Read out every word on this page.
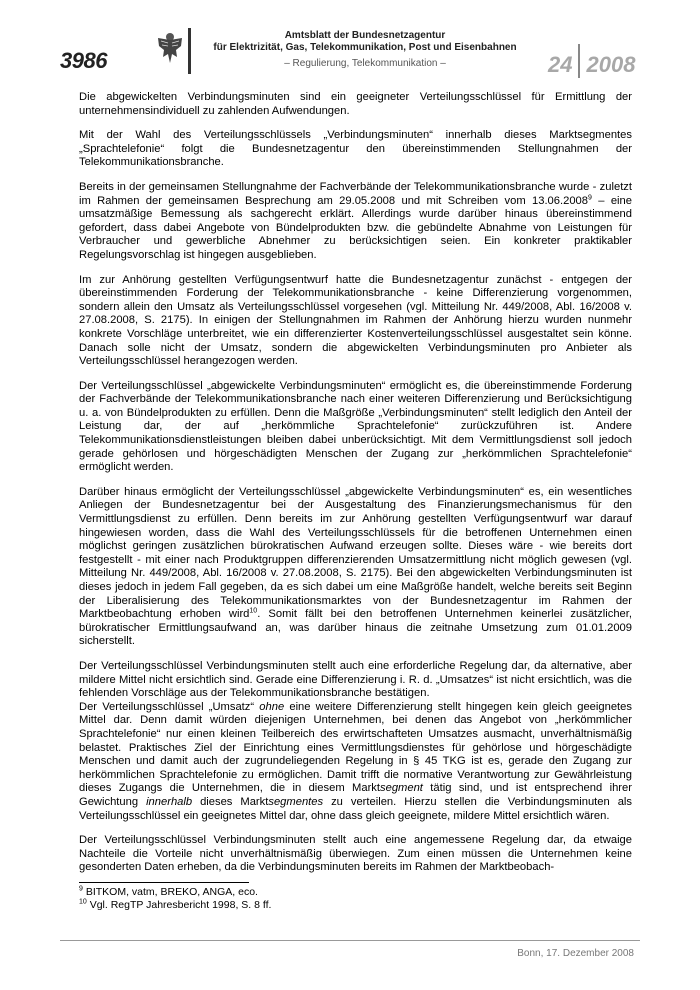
3986
Amtsblatt der Bundesnetzagentur
für Elektrizität, Gas, Telekommunikation, Post und Eisenbahnen
– Regulierung, Telekommunikation –	24 2008

Die abgewickelten Verbindungsminuten sind ein geeigneter Verteilungsschlüssel für Ermittlung der unternehmensindividuell zu zahlenden Aufwendungen.

Mit der Wahl des Verteilungsschlüssels „Verbindungsminuten“ innerhalb dieses Marktsegmentes „Sprachtelefonie“ folgt die Bundesnetzagentur den übereinstimmenden Stellungnahmen der Telekommunikationsbranche.

Bereits in der gemeinsamen Stellungnahme der Fachverbände der Telekommunikationsbranche wurde - zuletzt im Rahmen der gemeinsamen Besprechung am 29.05.2008 und mit Schreiben vom 13.06.2008$^9$ – eine umsatzmäßige Bemessung als sachgerecht erklärt. Allerdings wurde darüber hinaus übereinstimmend gefordert, dass dabei Angebote von Bündelprodukten bzw. die gebündelte Abnahme von Leistungen für Verbraucher und gewerbliche Abnehmer zu berücksichtigen seien. Ein konkreter praktikabler Regelungsvorschlag ist hingegen ausgeblieben.

Im zur Anhörung gestellten Verfügungsentwurf hatte die Bundesnetzagentur zunächst - entgegen der übereinstimmenden Forderung der Telekommunikationsbranche - keine Differenzierung vorgenommen, sondern allein den Umsatz als Verteilungsschlüssel vorgesehen (vgl. Mitteilung Nr. 449/2008, Abl. 16/2008 v. 27.08.2008, S. 2175). In einigen der Stellungnahmen im Rahmen der Anhörung hierzu wurden nunmehr konkrete Vorschläge unterbreitet, wie ein differenzierter Kostenverteilungsschlüssel ausgestaltet sein könne. Danach solle nicht der Umsatz, sondern die abgewickelten Verbindungsminuten pro Anbieter als Verteilungsschlüssel herangezogen werden.

Der Verteilungsschlüssel „abgewickelte Verbindungsminuten“ ermöglicht es, die übereinstimmende Forderung der Fachverbände der Telekommunikationsbranche nach einer weiteren Differenzierung und Berücksichtigung u. a. von Bündelprodukten zu erfüllen. Denn die Maßgröße „Verbindungsminuten“ stellt lediglich den Anteil der Leistung dar, der auf „herkömmliche Sprachtelefonie“ zurückzuführen ist. Andere Telekommunikationsdienstleistungen bleiben dabei unberücksichtigt. Mit dem Vermittlungsdienst soll jedoch gerade gehörlosen und hörgeschädigten Menschen der Zugang zur „herkömmlichen Sprachtelefonie“ ermöglicht werden.

Darüber hinaus ermöglicht der Verteilungsschlüssel „abgewickelte Verbindungsminuten“ es, ein wesentliches Anliegen der Bundesnetzagentur bei der Ausgestaltung des Finanzierungsmechanismus für den Vermittlungsdienst zu erfüllen. Denn bereits im zur Anhörung gestellten Verfügungsentwurf war darauf hingewiesen worden, dass die Wahl des Verteilungsschlüssels für die betroffenen Unternehmen einen möglichst geringen zusätzlichen bürokratischen Aufwand erzeugen sollte. Dieses wäre - wie bereits dort festgestellt - mit einer nach Produktgruppen differenzierenden Umsatzermittlung nicht möglich gewesen (vgl. Mitteilung Nr. 449/2008, Abl. 16/2008 v. 27.08.2008, S. 2175). Bei den abgewickelten Verbindungsminuten ist dieses jedoch in jedem Fall gegeben, da es sich dabei um eine Maßgröße handelt, welche bereits seit Beginn der Liberalisierung des Telekommunikationsmarktes von der Bundesnetzagentur im Rahmen der Marktbeobachtung erhoben wird$^{10}$. Somit fällt bei den betroffenen Unternehmen keinerlei zusätzlicher, bürokratischer Ermittlungsaufwand an, was darüber hinaus die zeitnahe Umsetzung zum 01.01.2009 sicherstellt.

Der Verteilungsschlüssel Verbindungsminuten stellt auch eine erforderliche Regelung dar, da alternative, aber mildere Mittel nicht ersichtlich sind. Gerade eine Differenzierung i. R. d. „Umsatzes“ ist nicht ersichtlich, was die fehlenden Vorschläge aus der Telekommunikationsbranche bestätigen.

Der Verteilungsschlüssel „Umsatz“ ohne eine weitere Differenzierung stellt hingegen kein gleich geeignetes Mittel dar. Denn damit würden diejenigen Unternehmen, bei denen das Angebot von „herkömmlicher Sprachtelefonie“ nur einen kleinen Teilbereich des erwirtschafteten Umsatzes ausmacht, unverhältnismäßig belastet. Praktisches Ziel der Einrichtung eines Vermittlungsdienstes für gehörlose und hörgeschädigte Menschen und damit auch der zugrundeliegenden Regelung in § 45 TKG ist es, gerade den Zugang zur herkömmlichen Sprachtelefonie zu ermöglichen. Damit trifft die normative Verantwortung zur Gewährleistung dieses Zugangs die Unternehmen, die in diesem Marktsegment tätig sind, und ist entsprechend ihrer Gewichtung innerhalb dieses Marktsegmentes zu verteilen. Hierzu stellen die Verbindungsminuten als Verteilungsschlüssel ein geeignetes Mittel dar, ohne dass gleich geeignete, mildere Mittel ersichtlich wären.

Der Verteilungsschlüssel Verbindungsminuten stellt auch eine angemessene Regelung dar, da etwaige Nachteile die Vorteile nicht unverhältnismäßig überwiegen. Zum einen müssen die Unternehmen keine gesonderten Daten erheben, da die Verbindungsminuten bereits im Rahmen der Marktbeobach-

$^9$ BITKOM, vatm, BREKO, ANGA, eco.
$^{10}$ Vgl. RegTP Jahresbericht 1998, S. 8 ff.
Bonn, 17. Dezember 2008
